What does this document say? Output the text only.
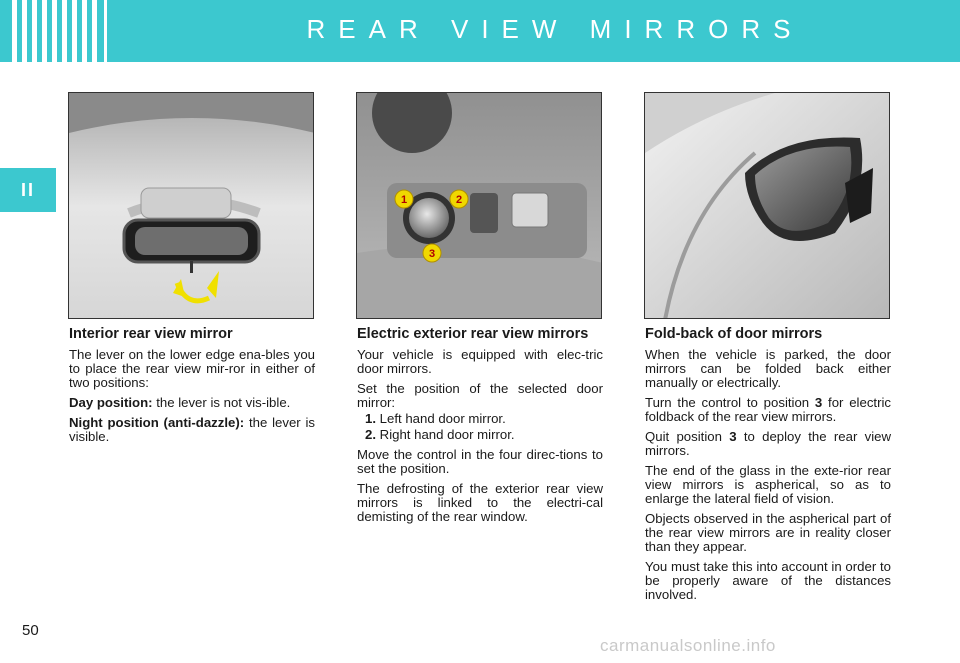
REAR VIEW MIRRORS
II	1	2
3
Interior rear view mirror

The lever on the lower edge ena-bles you to place the rear view mir-ror in either of two positions:

Day position: the lever is not vis-ible.

Night position (anti-dazzle): the lever is visible.

Electric exterior rear view mirrors

Your vehicle is equipped with elec-tric door mirrors.

Set the position of the selected door mirror:

1. Left hand door mirror.

2. Right hand door mirror.

Move the control in the four direc-tions to set the position.

The defrosting of the exterior rear view mirrors is linked to the electri-cal demisting of the rear window.

Fold-back of door mirrors

When the vehicle is parked, the door mirrors can be folded back either manually or electrically.

Turn the control to position 3 for electric foldback of the rear view mirrors.

Quit position 3 to deploy the rear view mirrors.

The end of the glass in the exte-rior rear view mirrors is aspherical, so as to enlarge the lateral field of vision.

Objects observed in the aspherical part of the rear view mirrors are in reality closer than they appear.

You must take this into account in order to be properly aware of the distances involved.

50
carmanualsonline.info
